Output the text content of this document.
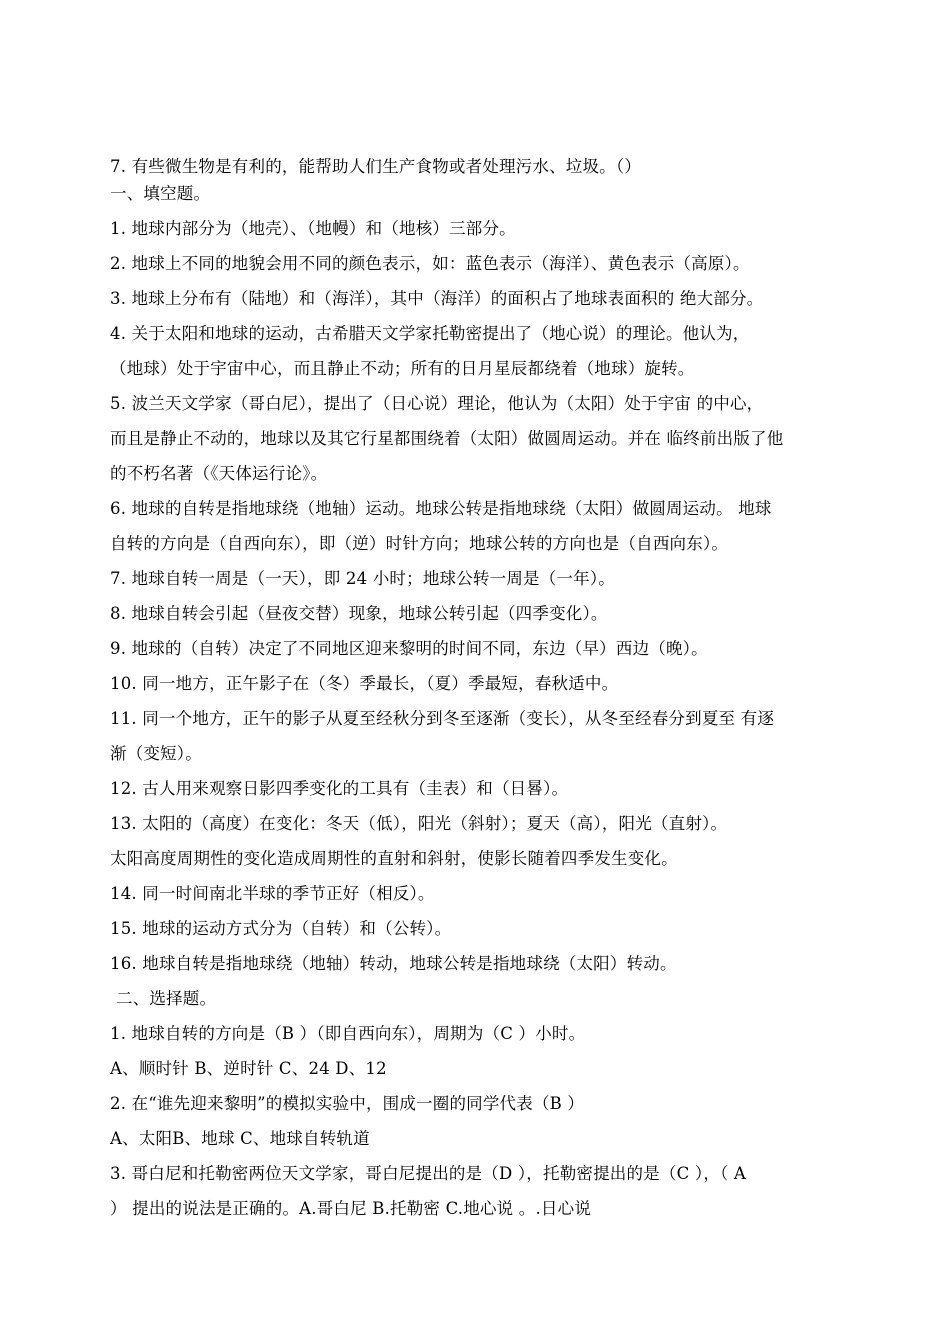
7. 有些微生物是有利的，能帮助人们生产食物或者处理污水、垃圾。（）
一、填空题。
1. 地球内部分为（地壳）、（地幔）和（地核）三部分。
2. 地球上不同的地貌会用不同的颜色表示，如：蓝色表示（海洋）、黄色表示（高原）。
3. 地球上分布有（陆地）和（海洋），其中（海洋）的面积占了地球表面积的 绝大部分。
4. 关于太阳和地球的运动，古希腊天文学家托勒密提出了（地心说）的理论。他认为，
（地球）处于宇宙中心，而且静止不动；所有的日月星辰都绕着（地球）旋转。
5. 波兰天文学家（哥白尼），提出了（日心说）理论，他认为（太阳）处于宇宙 的中心，
而且是静止不动的，地球以及其它行星都围绕着（太阳）做圆周运动。并在 临终前出版了他
的不朽名著（《天体运行论》。
6. 地球的自转是指地球绕（地轴）运动。地球公转是指地球绕（太阳）做圆周运动。 地球
自转的方向是（自西向东），即（逆）时针方向；地球公转的方向也是（自西向东）。
7. 地球自转一周是（一天），即 24 小时；地球公转一周是（一年）。
8. 地球自转会引起（昼夜交替）现象，地球公转引起（四季变化）。
9. 地球的（自转）决定了不同地区迎来黎明的时间不同，东边（早）西边（晚）。
10. 同一地方，正午影子在（冬）季最长，（夏）季最短，春秋适中。
11. 同一个地方，正午的影子从夏至经秋分到冬至逐渐（变长），从冬至经春分到夏至 有逐
渐（变短）。
12. 古人用来观察日影四季变化的工具有（圭表）和（日晷）。
13. 太阳的（高度）在变化：冬天（低），阳光（斜射）；夏天（高），阳光（直射）。
太阳高度周期性的变化造成周期性的直射和斜射，使影长随着四季发生变化。
14. 同一时间南北半球的季节正好（相反）。
15. 地球的运动方式分为（自转）和（公转）。
16. 地球自转是指地球绕（地轴）转动，地球公转是指地球绕（太阳）转动。
二、选择题。
1. 地球自转的方向是（B ）（即自西向东），周期为（C ）小时。
A、顺时针 B、逆时针 C、24 D、12
2. 在“谁先迎来黎明”的模拟实验中，围成一圈的同学代表（B ）
A、太阳B、地球 C、地球自转轨道
3. 哥白尼和托勒密两位天文学家，哥白尼提出的是（D ），托勒密提出的是（C ），（ A
） 提出的说法是正确的。A.哥白尼 B.托勒密 C.地心说 。.日心说
